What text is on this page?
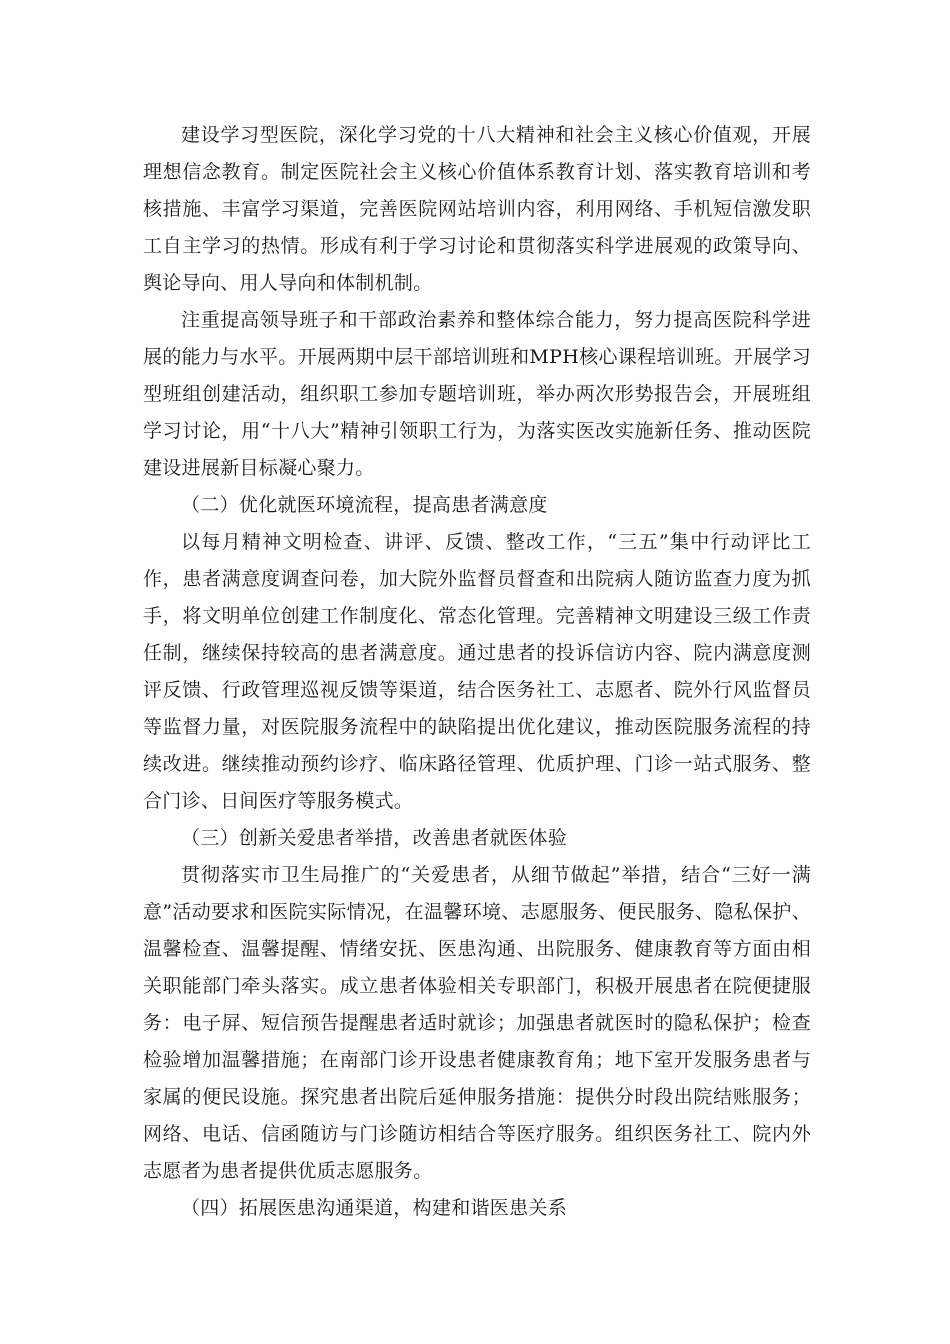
建设学习型医院，深化学习党的十八大精神和社会主义核心价值观，开展理想信念教育。制定医院社会主义核心价值体系教育计划、落实教育培训和考核措施、丰富学习渠道，完善医院网站培训内容，利用网络、手机短信激发职工自主学习的热情。形成有利于学习讨论和贯彻落实科学进展观的政策导向、舆论导向、用人导向和体制机制。

注重提高领导班子和干部政治素养和整体综合能力，努力提高医院科学进展的能力与水平。开展两期中层干部培训班和MPH核心课程培训班。开展学习型班组创建活动，组织职工参加专题培训班，举办两次形势报告会，开展班组学习讨论，用“十八大”精神引领职工行为，为落实医改实施新任务、推动医院建设进展新目标凝心聚力。

（二）优化就医环境流程，提高患者满意度

以每月精神文明检查、讲评、反馈、整改工作，“三五”集中行动评比工作，患者满意度调查问卷，加大院外监督员督查和出院病人随访监查力度为抓手，将文明单位创建工作制度化、常态化管理。完善精神文明建设三级工作责任制，继续保持较高的患者满意度。通过患者的投诉信访内容、院内满意度测评反馈、行政管理巡视反馈等渠道，结合医务社工、志愿者、院外行风监督员等监督力量，对医院服务流程中的缺陷提出优化建议，推动医院服务流程的持续改进。继续推动预约诊疗、临床路径管理、优质护理、门诊一站式服务、整合门诊、日间医疗等服务模式。

（三）创新关爱患者举措，改善患者就医体验

贯彻落实市卫生局推广的“关爱患者，从细节做起”举措，结合“三好一满意”活动要求和医院实际情况，在温馨环境、志愿服务、便民服务、隐私保护、温馨检查、温馨提醒、情绪安抚、医患沟通、出院服务、健康教育等方面由相关职能部门牵头落实。成立患者体验相关专职部门，积极开展患者在院便捷服务：电子屏、短信预告提醒患者适时就诊；加强患者就医时的隐私保护；检查检验增加温馨措施；在南部门诊开设患者健康教育角；地下室开发服务患者与家属的便民设施。探究患者出院后延伸服务措施：提供分时段出院结账服务；网络、电话、信函随访与门诊随访相结合等医疗服务。组织医务社工、院内外志愿者为患者提供优质志愿服务。

（四）拓展医患沟通渠道，构建和谐医患关系
